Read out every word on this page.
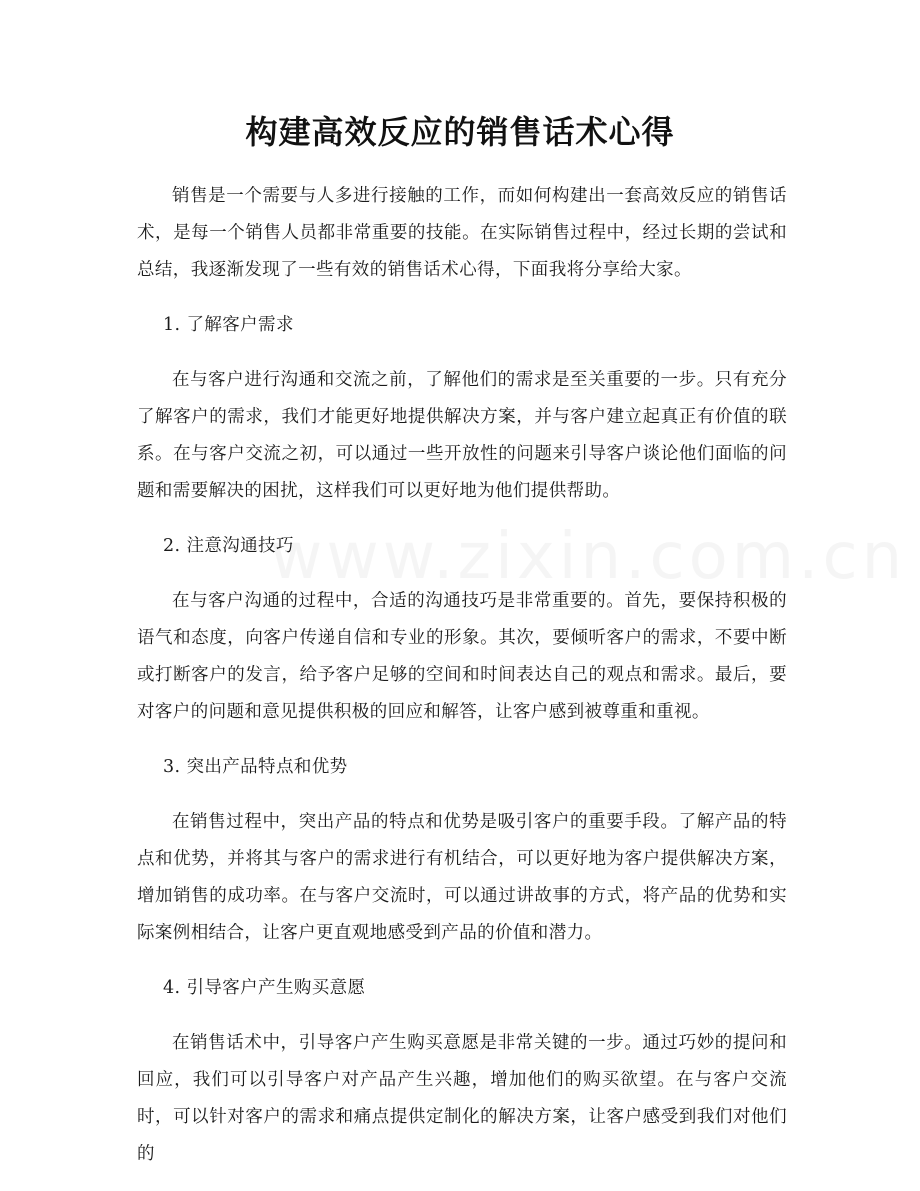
www.zixin.com.cn
构建高效反应的销售话术心得

销售是一个需要与人多进行接触的工作，而如何构建出一套高效反应的销售话术，是每一个销售人员都非常重要的技能。在实际销售过程中，经过长期的尝试和总结，我逐渐发现了一些有效的销售话术心得，下面我将分享给大家。

1. 了解客户需求

在与客户进行沟通和交流之前，了解他们的需求是至关重要的一步。只有充分了解客户的需求，我们才能更好地提供解决方案，并与客户建立起真正有价值的联系。在与客户交流之初，可以通过一些开放性的问题来引导客户谈论他们面临的问题和需要解决的困扰，这样我们可以更好地为他们提供帮助。

2. 注意沟通技巧

在与客户沟通的过程中，合适的沟通技巧是非常重要的。首先，要保持积极的语气和态度，向客户传递自信和专业的形象。其次，要倾听客户的需求，不要中断或打断客户的发言，给予客户足够的空间和时间表达自己的观点和需求。最后，要对客户的问题和意见提供积极的回应和解答，让客户感到被尊重和重视。

3. 突出产品特点和优势

在销售过程中，突出产品的特点和优势是吸引客户的重要手段。了解产品的特点和优势，并将其与客户的需求进行有机结合，可以更好地为客户提供解决方案，增加销售的成功率。在与客户交流时，可以通过讲故事的方式，将产品的优势和实际案例相结合，让客户更直观地感受到产品的价值和潜力。

4. 引导客户产生购买意愿

在销售话术中，引导客户产生购买意愿是非常关键的一步。通过巧妙的提问和回应，我们可以引导客户对产品产生兴趣，增加他们的购买欲望。在与客户交流时，可以针对客户的需求和痛点提供定制化的解决方案，让客户感受到我们对他们的
